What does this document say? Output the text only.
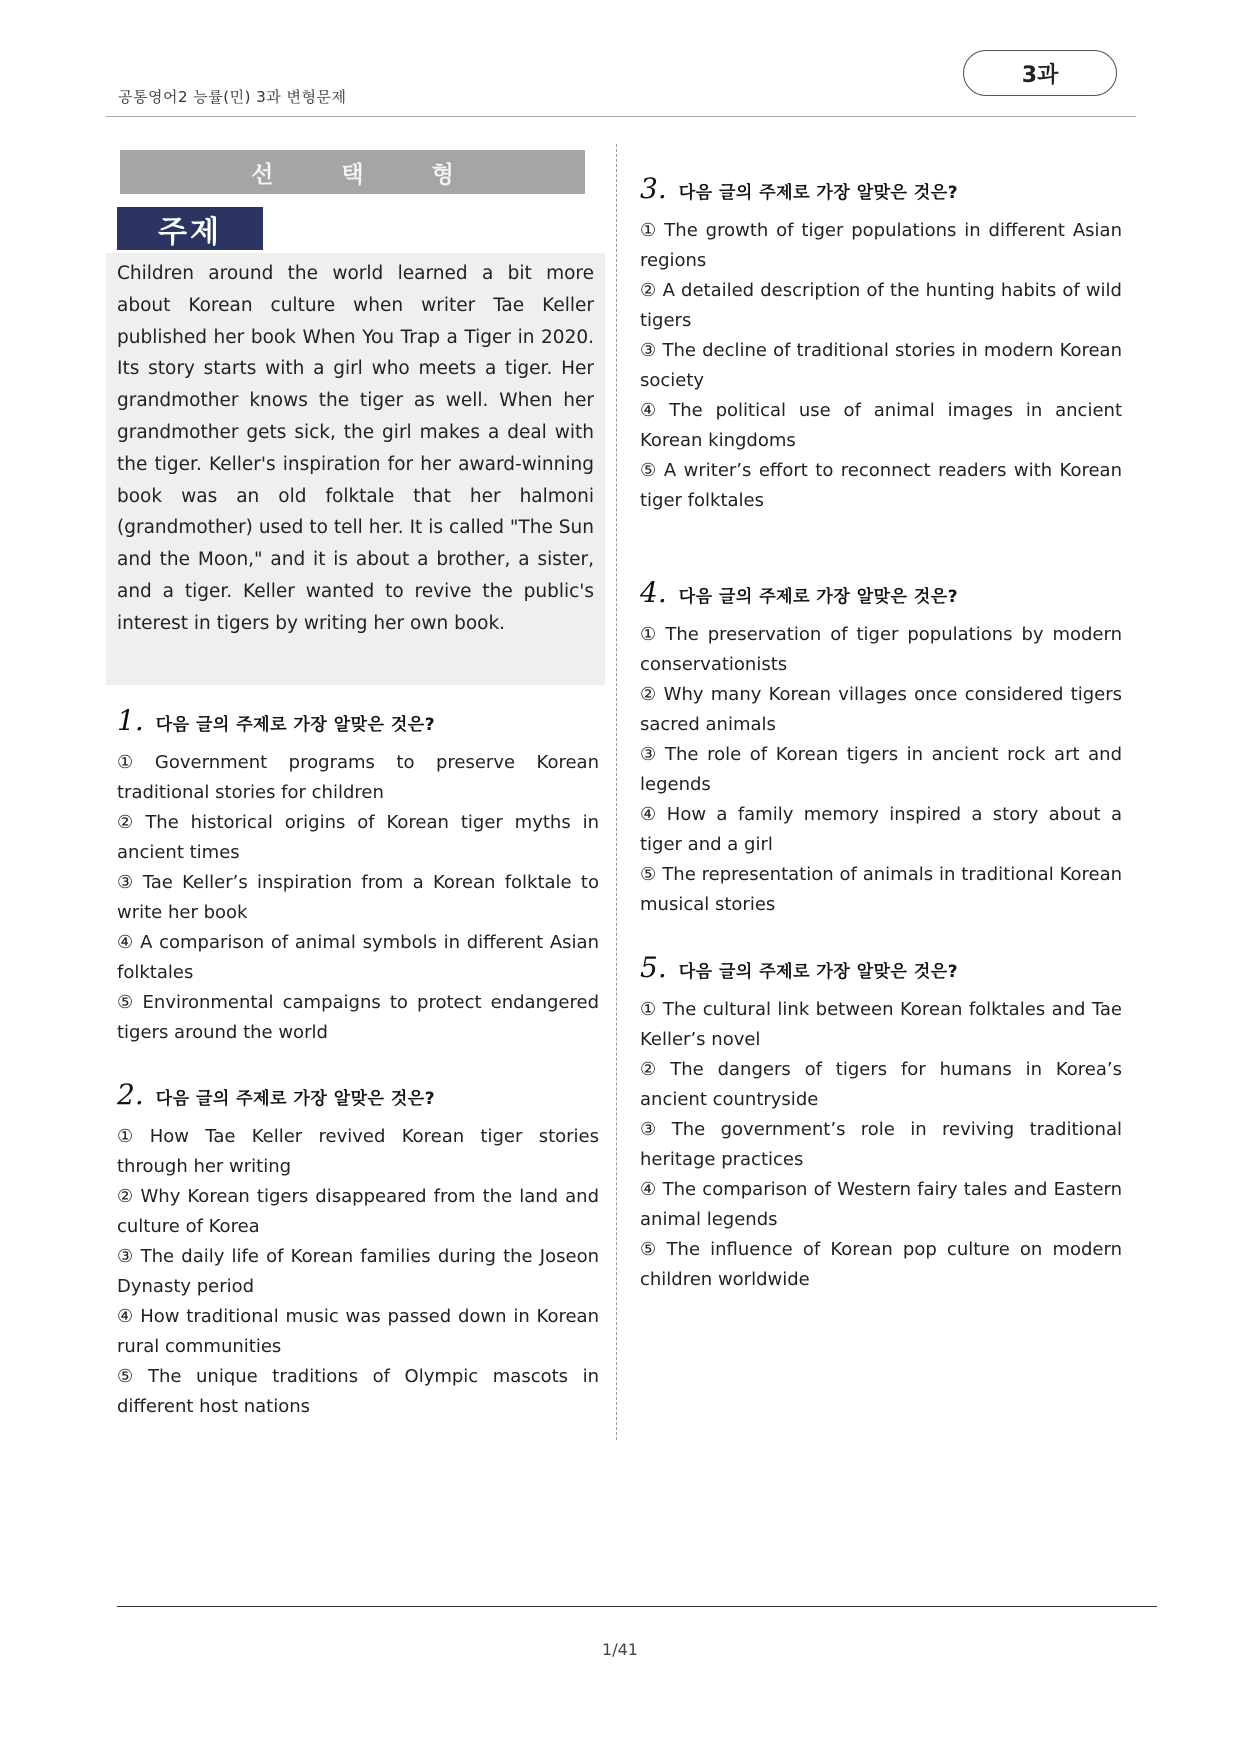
공통영어2 능률(민) 3과 변형문제
3과
선 택 형
주제

Children around the world learned a bit more about Korean culture when writer Tae Keller published her book When You Trap a Tiger in 2020. Its story starts with a girl who meets a tiger. Her grandmother knows the tiger as well. When her grandmother gets sick, the girl makes a deal with the tiger. Keller's inspiration for her award-winning book was an old folktale that her halmoni (grandmother) used to tell her. It is called "The Sun and the Moon," and it is about a brother, a sister, and a tiger. Keller wanted to revive the public's interest in tigers by writing her own book.

1. 다음 글의 주제로 가장 알맞은 것은?
① Government programs to preserve Korean traditional stories for children
② The historical origins of Korean tiger myths in ancient times
③ Tae Keller’s inspiration from a Korean folktale to write her book
④ A comparison of animal symbols in different Asian folktales
⑤ Environmental campaigns to protect endangered tigers around the world
2. 다음 글의 주제로 가장 알맞은 것은?
① How Tae Keller revived Korean tiger stories through her writing
② Why Korean tigers disappeared from the land and culture of Korea
③ The daily life of Korean families during the Joseon Dynasty period
④ How traditional music was passed down in Korean rural communities
⑤ The unique traditions of Olympic mascots in different host nations
3. 다음 글의 주제로 가장 알맞은 것은?
① The growth of tiger populations in different Asian regions
② A detailed description of the hunting habits of wild tigers
③ The decline of traditional stories in modern Korean society
④ The political use of animal images in ancient Korean kingdoms
⑤ A writer’s effort to reconnect readers with Korean tiger folktales
4. 다음 글의 주제로 가장 알맞은 것은?
① The preservation of tiger populations by modern conservationists
② Why many Korean villages once considered tigers sacred animals
③ The role of Korean tigers in ancient rock art and legends
④ How a family memory inspired a story about a tiger and a girl
⑤ The representation of animals in traditional Korean musical stories
5. 다음 글의 주제로 가장 알맞은 것은?
① The cultural link between Korean folktales and Tae Keller’s novel
② The dangers of tigers for humans in Korea’s ancient countryside
③ The government’s role in reviving traditional heritage practices
④ The comparison of Western fairy tales and Eastern animal legends
⑤ The influence of Korean pop culture on modern children worldwide
1/41
